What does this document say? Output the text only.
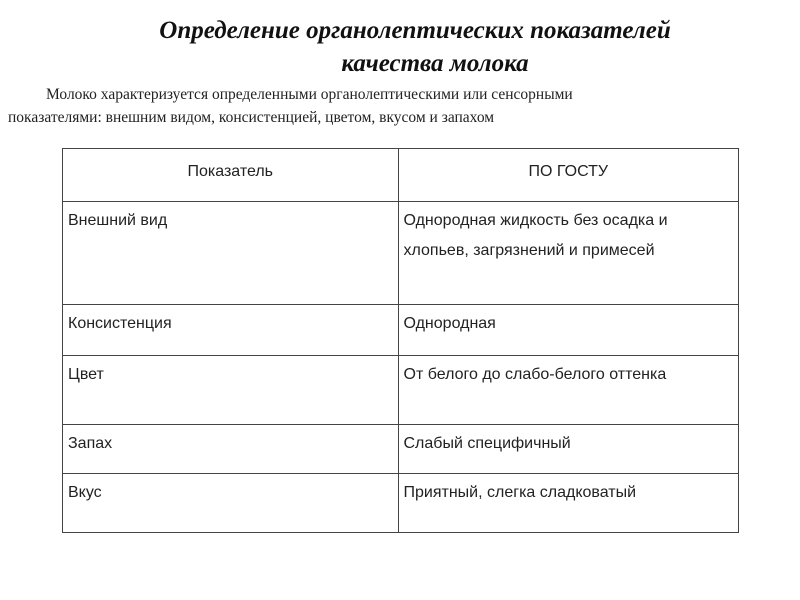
Определение органолептических показателей
качества молока
Молоко характеризуется определенными органолептическими или сенсорными
показателями: внешним видом, консистенцией, цветом, вкусом и запахом
Показатель	ПО ГОСТУ
Внешний вид	Однородная жидкость без осадка и хлопьев, загрязнений и примесей
Консистенция	Однородная
Цвет	От белого до слабо-белого оттенка
Запах	Слабый специфичный
Вкус	Приятный, слегка сладковатый
